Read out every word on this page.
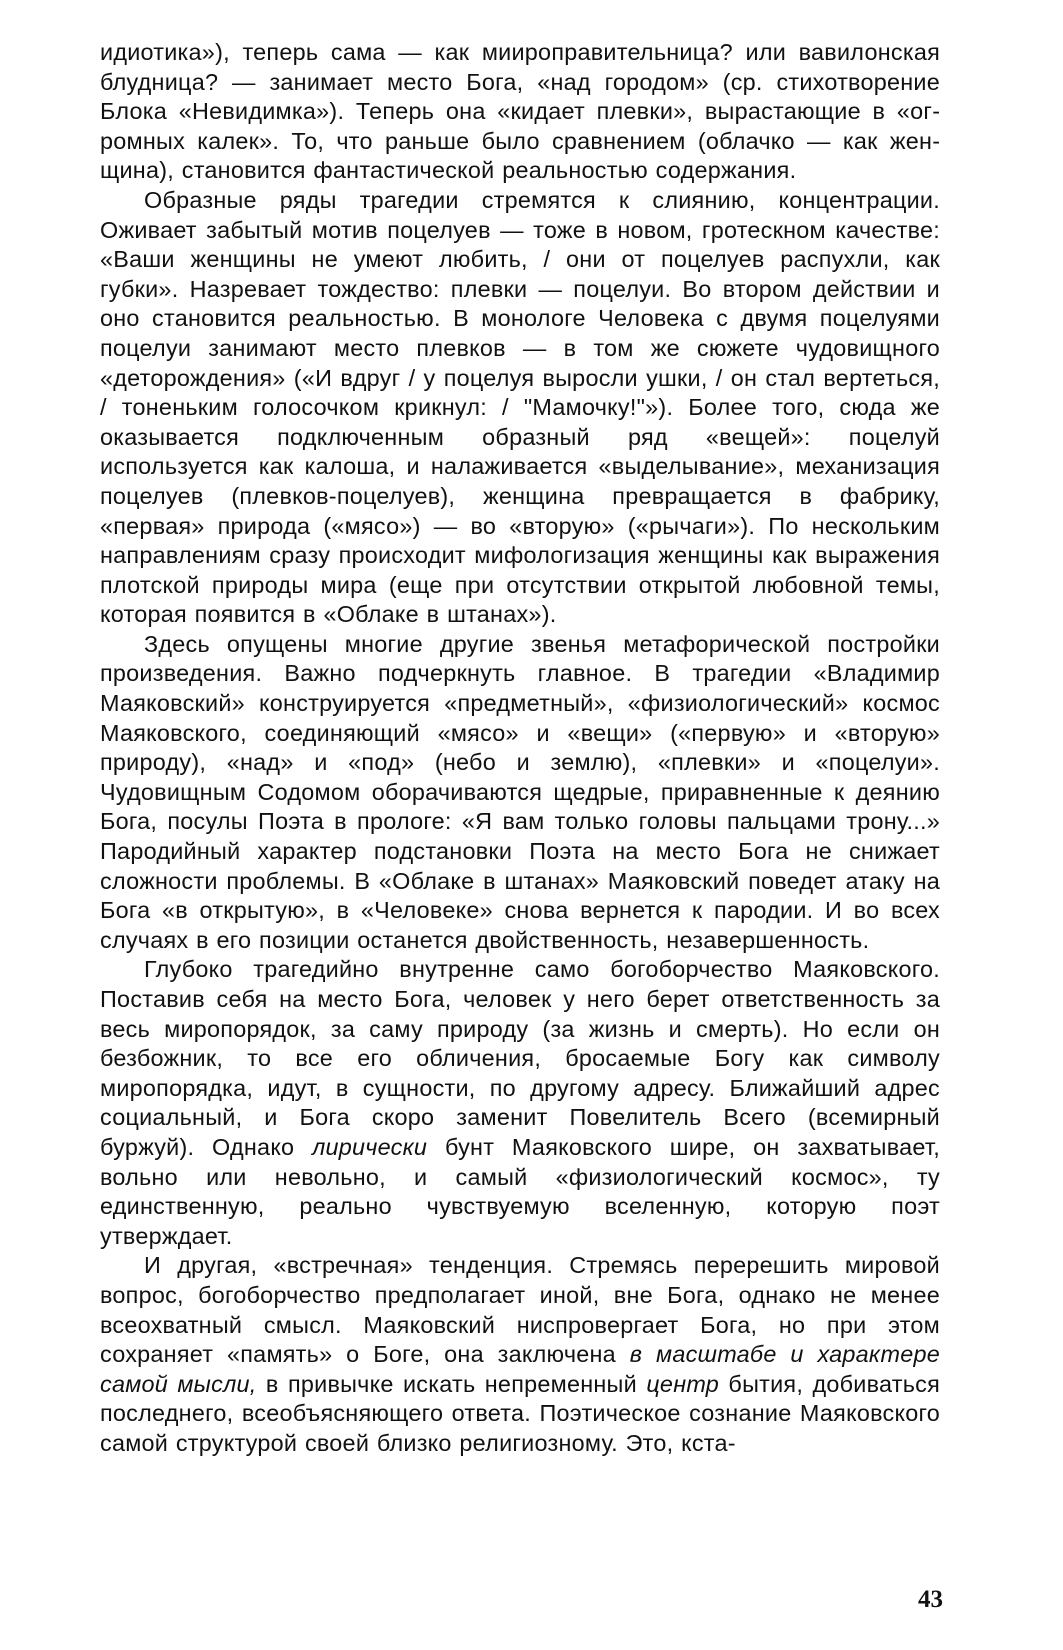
идиотика»), теперь сама — как миироправительница? или вавилонская блудница? — занимает место Бога, «над городом» (ср. стихотворение Блока «Невидимка»). Теперь она «кидает плевки», вырастающие в «огромных калек». То, что раньше было сравнением (облачко — как женщина), становится фантастической реальностью содержания.

Образные ряды трагедии стремятся к слиянию, концентрации. Оживает забытый мотив поцелуев — тоже в новом, гротескном качестве: «Ваши женщины не умеют любить, / они от поцелуев распухли, как губки». Назревает тождество: плевки — поцелуи. Во втором действии и оно становится реальностью. В монологе Человека с двумя поцелуями поцелуи занимают место плевков — в том же сюжете чудовищного «деторождения» («И вдруг / у поцелуя выросли ушки, / он стал вертеться, / тоненьким голосочком крикнул: / "Мамочку!"»). Более того, сюда же оказывается подключенным образный ряд «вещей»: поцелуй используется как калоша, и налаживается «выделывание», механизация поцелуев (плевков-поцелуев), женщина превращается в фабрику, «первая» природа («мясо») — во «вторую» («рычаги»). По нескольким направлениям сразу происходит мифологизация женщины как выражения плотской природы мира (еще при отсутствии открытой любовной темы, которая появится в «Облаке в штанах»).

Здесь опущены многие другие звенья метафорической постройки произведения. Важно подчеркнуть главное. В трагедии «Владимир Маяковский» конструируется «предметный», «физиологический» космос Маяковского, соединяющий «мясо» и «вещи» («первую» и «вторую» природу), «над» и «под» (небо и землю), «плевки» и «поцелуи». Чудовищным Содомом оборачиваются щедрые, приравненные к деянию Бога, посулы Поэта в прологе: «Я вам только головы пальцами трону...» Пародийный характер подстановки Поэта на место Бога не снижает сложности проблемы. В «Облаке в штанах» Маяковский поведет атаку на Бога «в открытую», в «Человеке» снова вернется к пародии. И во всех случаях в его позиции останется двойственность, незавершенность.

Глубоко трагедийно внутренне само богоборчество Маяковского. Поставив себя на место Бога, человек у него берет ответственность за весь миропорядок, за саму природу (за жизнь и смерть). Но если он безбожник, то все его обличения, бросаемые Богу как символу миропорядка, идут, в сущности, по другому адресу. Ближайший адрес социальный, и Бога скоро заменит Повелитель Всего (всемирный буржуй). Однако лирически бунт Маяковского шире, он захватывает, вольно или невольно, и самый «физиологический космос», ту единственную, реально чувствуемую вселенную, которую поэт утверждает.

И другая, «встречная» тенденция. Стремясь перерешить мировой вопрос, богоборчество предполагает иной, вне Бога, однако не менее всеохватный смысл. Маяковский ниспровергает Бога, но при этом сохраняет «память» о Боге, она заключена в масштабе и характере самой мысли, в привычке искать непременный центр бытия, добиваться последнего, всеобъясняющего ответа. Поэтическое сознание Маяковского самой структурой своей близко религиозному. Это, кста-

43
